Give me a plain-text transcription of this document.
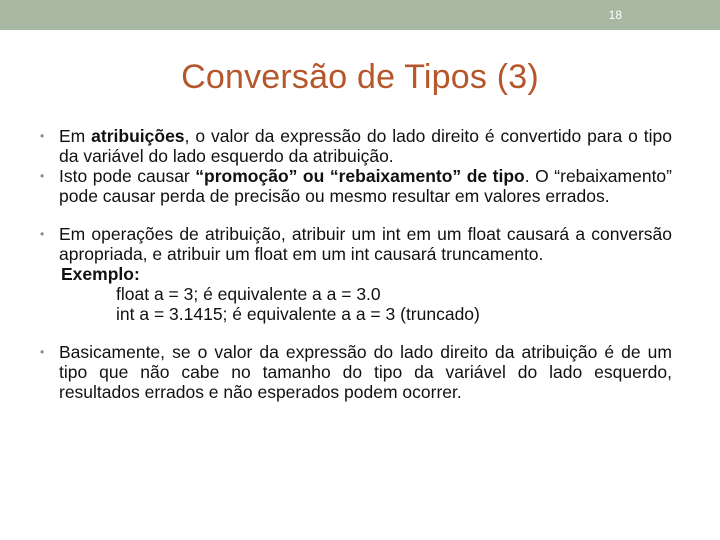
18
Conversão de Tipos (3)
• Em atribuições, o valor da expressão do lado direito é convertido para o tipo da variável do lado esquerdo da atribuição.
• Isto pode causar “promoção” ou “rebaixamento” de tipo. O “rebaixamento” pode causar perda de precisão ou mesmo resultar em valores errados.
• Em operações de atribuição, atribuir um int em um float causará a conversão apropriada, e atribuir um float em um int causará truncamento.
Exemplo:
float a = 3; é equivalente a a = 3.0
int a = 3.1415; é equivalente a a = 3 (truncado)
• Basicamente, se o valor da expressão do lado direito da atribuição é de um tipo que não cabe no tamanho do tipo da variável do lado esquerdo, resultados errados e não esperados podem ocorrer.
